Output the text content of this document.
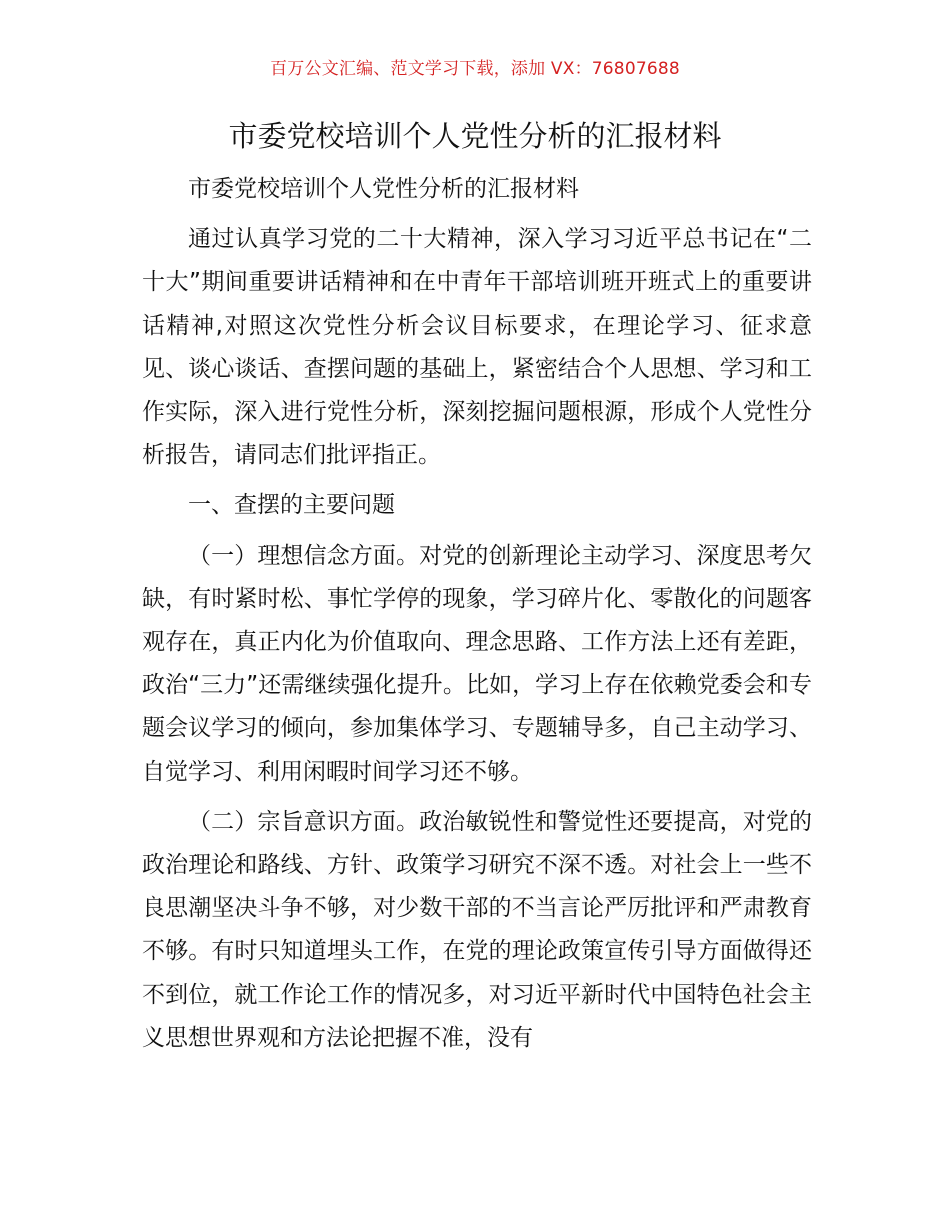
百万公文汇编、范文学习下载，添加 VX：76807688
市委党校培训个人党性分析的汇报材料

市委党校培训个人党性分析的汇报材料

通过认真学习党的二十大精神，深入学习习近平总书记在“二十大”期间重要讲话精神和在中青年干部培训班开班式上的重要讲话精神,对照这次党性分析会议目标要求，在理论学习、征求意见、谈心谈话、查摆问题的基础上，紧密结合个人思想、学习和工作实际，深入进行党性分析，深刻挖掘问题根源，形成个人党性分析报告，请同志们批评指正。

一、查摆的主要问题

（一）理想信念方面。对党的创新理论主动学习、深度思考欠缺，有时紧时松、事忙学停的现象，学习碎片化、零散化的问题客观存在，真正内化为价值取向、理念思路、工作方法上还有差距，政治“三力”还需继续强化提升。比如，学习上存在依赖党委会和专题会议学习的倾向，参加集体学习、专题辅导多，自己主动学习、自觉学习、利用闲暇时间学习还不够。

（二）宗旨意识方面。政治敏锐性和警觉性还要提高，对党的政治理论和路线、方针、政策学习研究不深不透。对社会上一些不良思潮坚决斗争不够，对少数干部的不当言论严厉批评和严肃教育不够。有时只知道埋头工作，在党的理论政策宣传引导方面做得还不到位，就工作论工作的情况多，对习近平新时代中国特色社会主义思想世界观和方法论把握不准，没有
